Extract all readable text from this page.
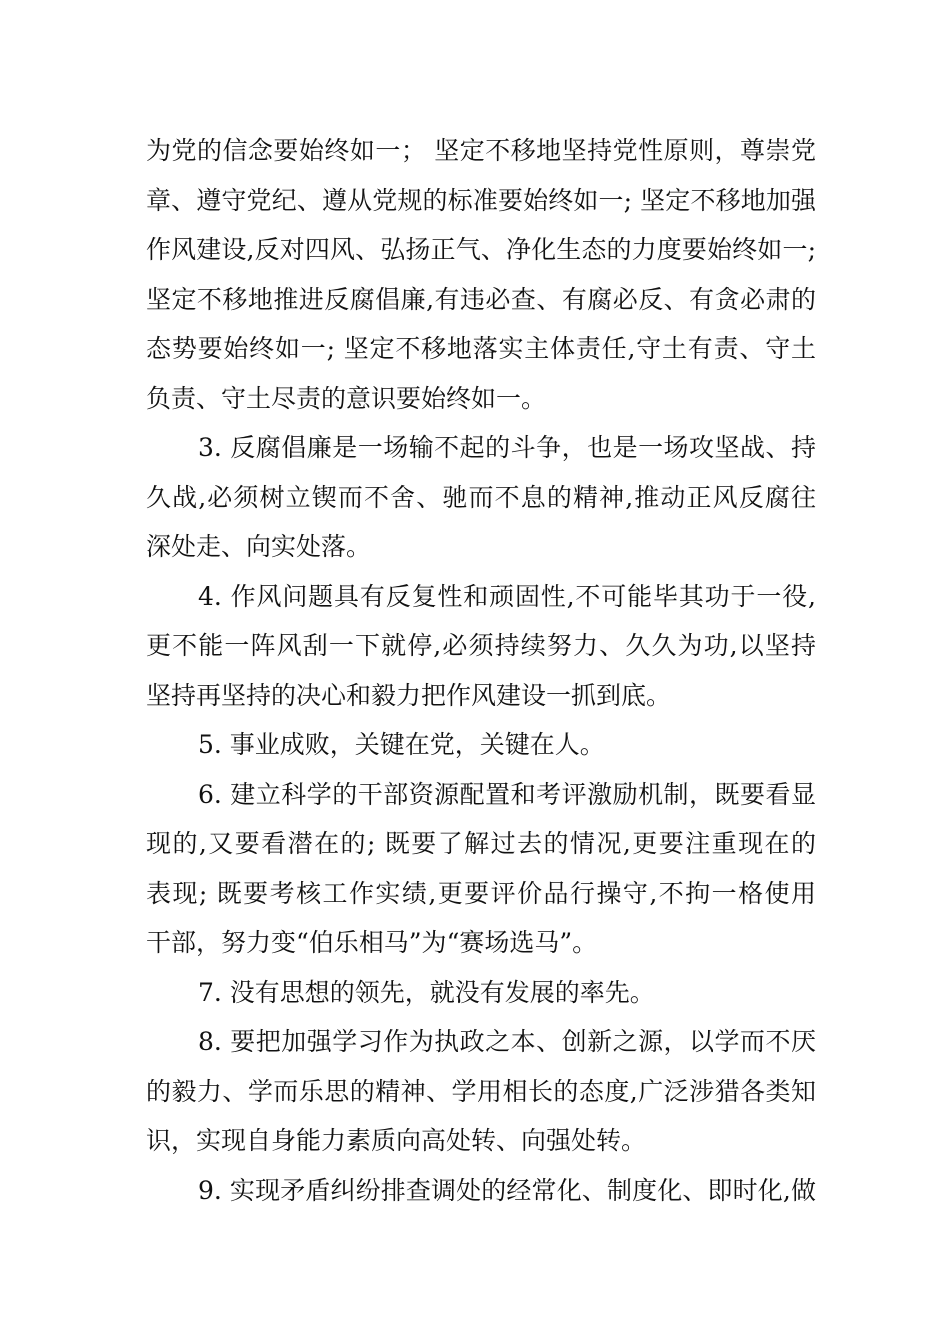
为党的信念要始终如一； 坚定不移地坚持党性原则，尊崇党
章、遵守党纪、遵从党规的标准要始终如一; 坚定不移地加强
作风建设,反对四风、弘扬正气、净化生态的力度要始终如一;
坚定不移地推进反腐倡廉,有违必查、有腐必反、有贪必肃的
态势要始终如一; 坚定不移地落实主体责任,守土有责、守土
负责、守土尽责的意识要始终如一。
3. 反腐倡廉是一场输不起的斗争，也是一场攻坚战、持
久战,必须树立锲而不舍、驰而不息的精神,推动正风反腐往
深处走、向实处落。
4. 作风问题具有反复性和顽固性,不可能毕其功于一役,
更不能一阵风刮一下就停,必须持续努力、久久为功,以坚持
坚持再坚持的决心和毅力把作风建设一抓到底。
5. 事业成败，关键在党，关键在人。
6. 建立科学的干部资源配置和考评激励机制，既要看显
现的,又要看潜在的; 既要了解过去的情况,更要注重现在的
表现; 既要考核工作实绩,更要评价品行操守,不拘一格使用
干部，努力变“伯乐相马”为“赛场选马”。
7. 没有思想的领先，就没有发展的率先。
8. 要把加强学习作为执政之本、创新之源，以学而不厌
的毅力、学而乐思的精神、学用相长的态度,广泛涉猎各类知
识，实现自身能力素质向高处转、向强处转。
9. 实现矛盾纠纷排查调处的经常化、制度化、即时化,做
